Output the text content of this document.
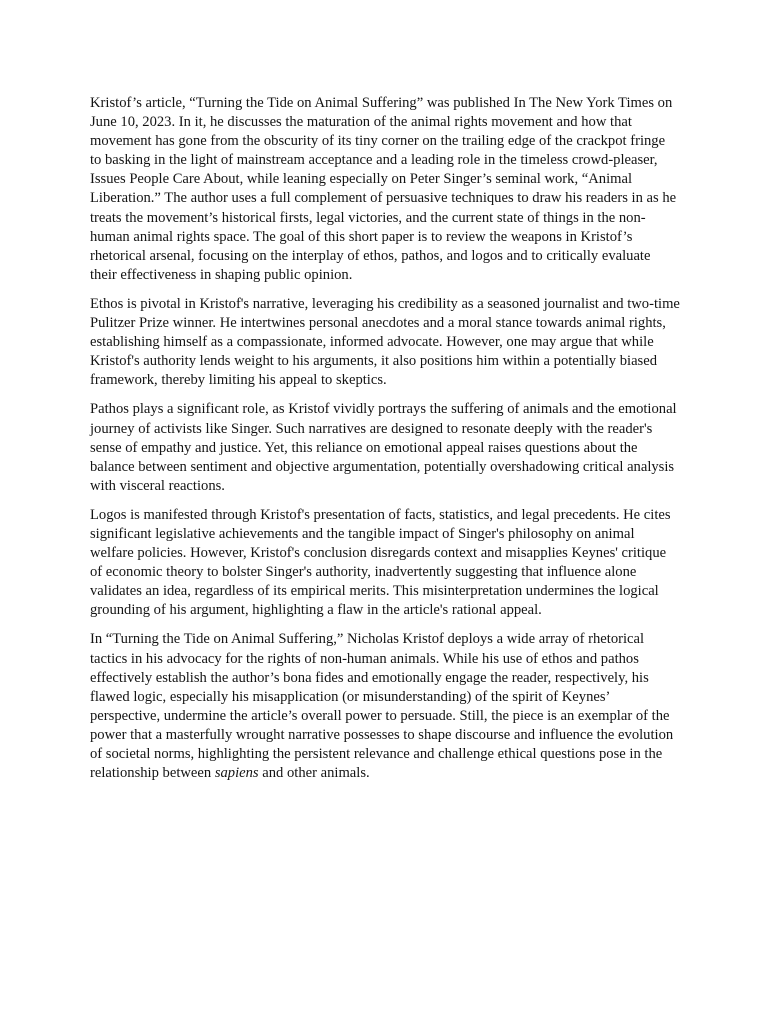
Kristof’s article, “Turning the Tide on Animal Suffering” was published In The New York Times on June 10, 2023. In it, he discusses the maturation of the animal rights movement and how that movement has gone from the obscurity of its tiny corner on the trailing edge of the crackpot fringe to basking in the light of mainstream acceptance and a leading role in the timeless crowd-pleaser, Issues People Care About, while leaning especially on Peter Singer’s seminal work, “Animal Liberation.” The author uses a full complement of persuasive techniques to draw his readers in as he treats the movement’s historical firsts, legal victories, and the current state of things in the non-human animal rights space. The goal of this short paper is to review the weapons in Kristof’s rhetorical arsenal, focusing on the interplay of ethos, pathos, and logos and to critically evaluate their effectiveness in shaping public opinion.

Ethos is pivotal in Kristof's narrative, leveraging his credibility as a seasoned journalist and two-time Pulitzer Prize winner. He intertwines personal anecdotes and a moral stance towards animal rights, establishing himself as a compassionate, informed advocate. However, one may argue that while Kristof's authority lends weight to his arguments, it also positions him within a potentially biased framework, thereby limiting his appeal to skeptics.

Pathos plays a significant role, as Kristof vividly portrays the suffering of animals and the emotional journey of activists like Singer. Such narratives are designed to resonate deeply with the reader's sense of empathy and justice. Yet, this reliance on emotional appeal raises questions about the balance between sentiment and objective argumentation, potentially overshadowing critical analysis with visceral reactions.

Logos is manifested through Kristof's presentation of facts, statistics, and legal precedents. He cites significant legislative achievements and the tangible impact of Singer's philosophy on animal welfare policies. However, Kristof's conclusion disregards context and misapplies Keynes' critique of economic theory to bolster Singer's authority, inadvertently suggesting that influence alone validates an idea, regardless of its empirical merits. This misinterpretation undermines the logical grounding of his argument, highlighting a flaw in the article's rational appeal.

In “Turning the Tide on Animal Suffering,” Nicholas Kristof deploys a wide array of rhetorical tactics in his advocacy for the rights of non-human animals. While his use of ethos and pathos effectively establish the author’s bona fides and emotionally engage the reader, respectively, his flawed logic, especially his misapplication (or misunderstanding) of the spirit of Keynes’ perspective, undermine the article’s overall power to persuade. Still, the piece is an exemplar of the power that a masterfully wrought narrative possesses to shape discourse and influence the evolution of societal norms, highlighting the persistent relevance and challenge ethical questions pose in the relationship between sapiens and other animals.
